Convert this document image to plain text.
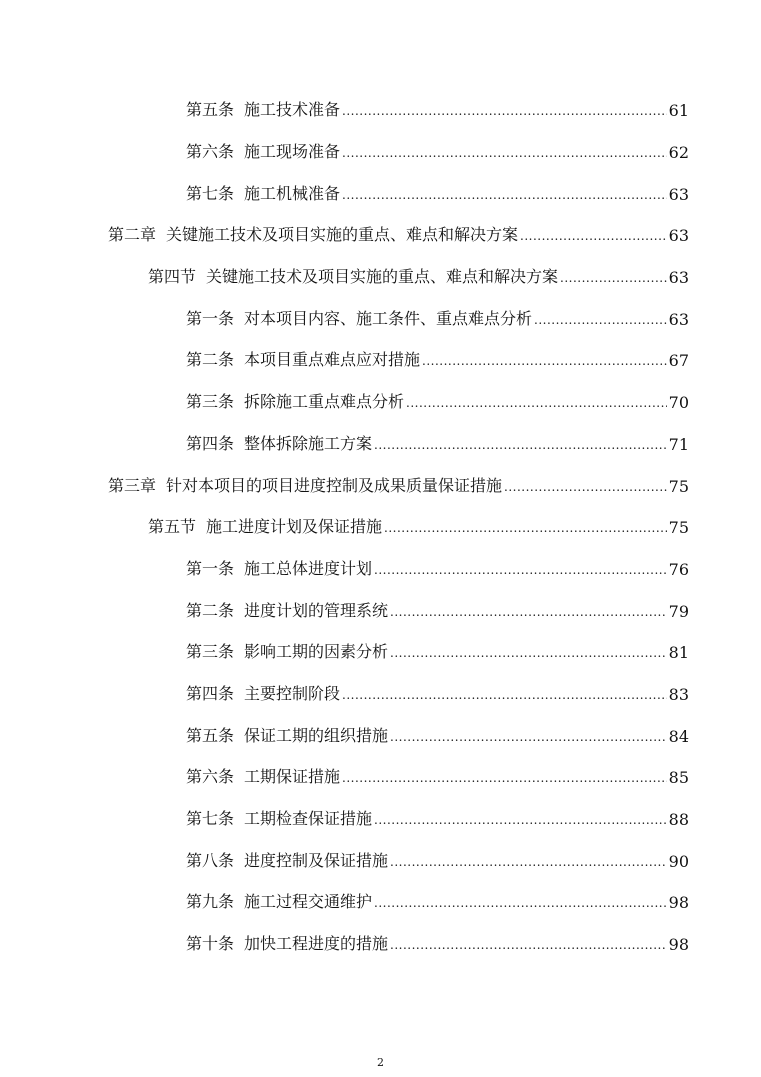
第五条 施工技术准备 .....	61
第六条 施工现场准备 .....	62
第七条 施工机械准备 .....	63
第二章 关键施工技术及项目实施的重点、难点和解决方案 .....	63
第四节 关键施工技术及项目实施的重点、难点和解决方案 .....	63
第一条 对本项目内容、施工条件、重点难点分析 .....	63
第二条 本项目重点难点应对措施 .....	67
第三条 拆除施工重点难点分析 .....	70
第四条 整体拆除施工方案 .....	71
第三章 针对本项目的项目进度控制及成果质量保证措施 .....	75
第五节 施工进度计划及保证措施 .....	75
第一条 施工总体进度计划 .....	76
第二条 进度计划的管理系统 .....	79
第三条 影响工期的因素分析 .....	81
第四条 主要控制阶段 .....	83
第五条 保证工期的组织措施 .....	84
第六条 工期保证措施 .....	85
第七条 工期检查保证措施 .....	88
第八条 进度控制及保证措施 .....	90
第九条 施工过程交通维护 .....	98
第十条 加快工程进度的措施 .....	98
2
